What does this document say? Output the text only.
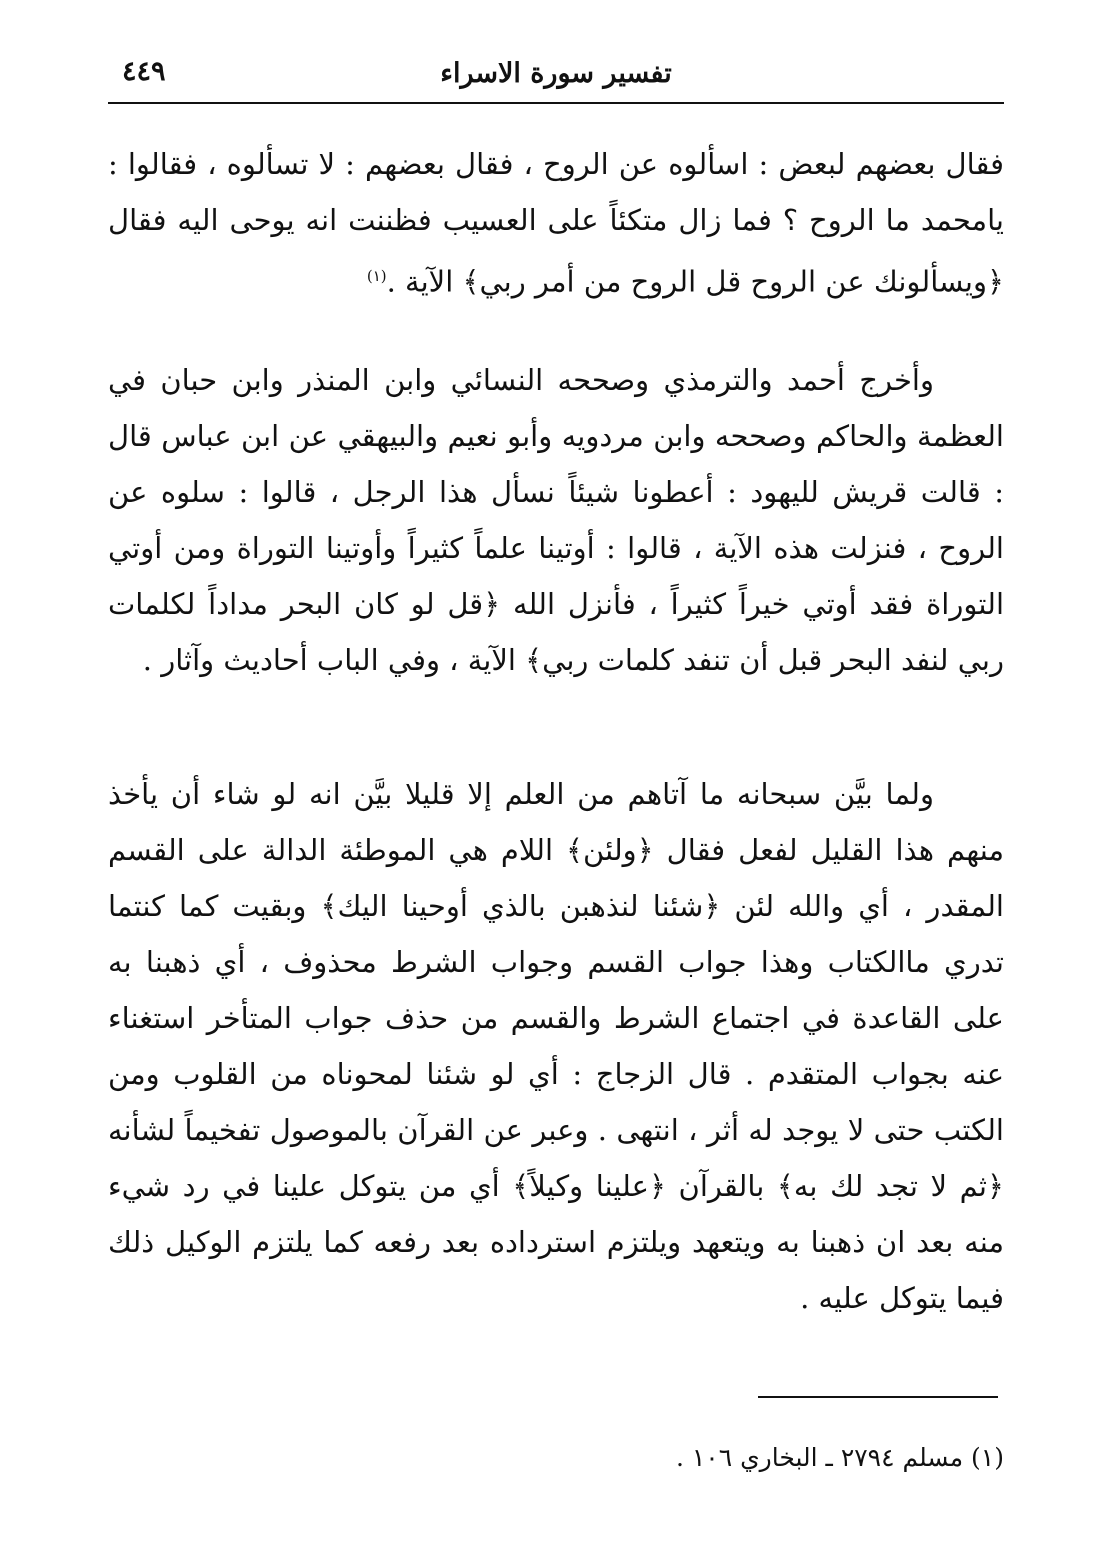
تفسير سورة الاسراء
٤٤٩

فقال بعضهم لبعض : اسألوه عن الروح ، فقال بعضهم : لا تسألوه ، فقالوا : يامحمد ما الروح ؟ فما زال متكئاً على العسيب فظننت انه يوحى اليه فقال ﴿ويسألونك عن الروح قل الروح من أمر ربي﴾ الآية .$^{(١)}$

وأخرج أحمد والترمذي وصححه النسائي وابن المنذر وابن حبان في العظمة والحاكم وصححه وابن مردويه وأبو نعيم والبيهقي عن ابن عباس قال : قالت قريش لليهود : أعطونا شيئاً نسأل هذا الرجل ، قالوا : سلوه عن الروح ، فنزلت هذه الآية ، قالوا : أوتينا علماً كثيراً وأوتينا التوراة ومن أوتي التوراة فقد أوتي خيراً كثيراً ، فأنزل الله ﴿قل لو كان البحر مداداً لكلمات ربي لنفد البحر قبل أن تنفد كلمات ربي﴾ الآية ، وفي الباب أحاديث وآثار .

ولما بيَّن سبحانه ما آتاهم من العلم إلا قليلا بيَّن انه لو شاء أن يأخذ منهم هذا القليل لفعل فقال ﴿ولئن﴾ اللام هي الموطئة الدالة على القسم المقدر ، أي والله لئن ﴿شئنا لنذهبن بالذي أوحينا اليك﴾ وبقيت كما كنتما تدري ماالكتاب وهذا جواب القسم وجواب الشرط محذوف ، أي ذهبنا به على القاعدة في اجتماع الشرط والقسم من حذف جواب المتأخر استغناء عنه بجواب المتقدم . قال الزجاج : أي لو شئنا لمحوناه من القلوب ومن الكتب حتى لا يوجد له أثر ، انتهى . وعبر عن القرآن بالموصول تفخيماً لشأنه ﴿ثم لا تجد لك به﴾ بالقرآن ﴿علينا وكيلاً﴾ أي من يتوكل علينا في رد شيء منه بعد ان ذهبنا به ويتعهد ويلتزم استرداده بعد رفعه كما يلتزم الوكيل ذلك فيما يتوكل عليه .

(١) مسلم ٢٧٩٤ ـ البخاري ١٠٦ .
